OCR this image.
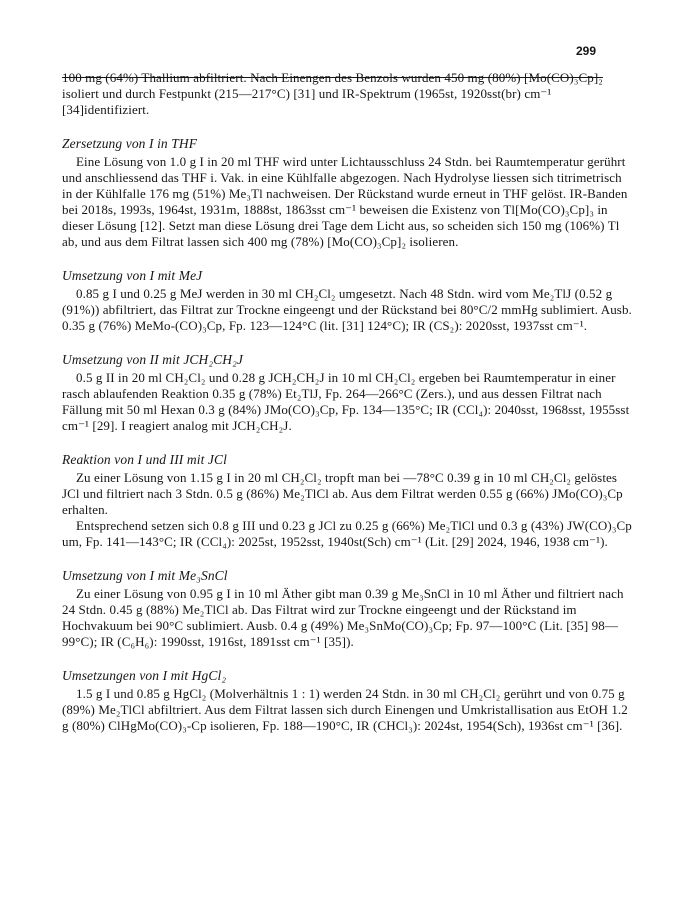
299

100 mg (64%) Thallium abfiltriert. Nach Einengen des Benzols wurden 450 mg (80%) [Mo(CO)₃Cp]₂ isoliert und durch Festpunkt (215—217°C) [31] und IR-Spektrum (1965st, 1920sst(br) cm⁻¹ [34]identifiziert.

Zersetzung von I in THF

Eine Lösung von 1.0 g I in 20 ml THF wird unter Lichtausschluss 24 Stdn. bei Raumtemperatur gerührt und anschliessend das THF i. Vak. in eine Kühlfalle abgezogen. Nach Hydrolyse liessen sich titrimetrisch in der Kühlfalle 176 mg (51%) Me₃Tl nachweisen. Der Rückstand wurde erneut in THF gelöst. IR-Banden bei 2018s, 1993s, 1964st, 1931m, 1888st, 1863sst cm⁻¹ beweisen die Existenz von Tl[Mo(CO)₃Cp]₃ in dieser Lösung [12]. Setzt man diese Lösung drei Tage dem Licht aus, so scheiden sich 150 mg (106%) Tl ab, und aus dem Filtrat lassen sich 400 mg (78%) [Mo(CO)₃Cp]₂ isolieren.

Umsetzung von I mit MeJ

0.85 g I und 0.25 g MeJ werden in 30 ml CH₂Cl₂ umgesetzt. Nach 48 Stdn. wird vom Me₂TlJ (0.52 g (91%)) abfiltriert, das Filtrat zur Trockne eingeengt und der Rückstand bei 80°C/2 mmHg sublimiert. Ausb. 0.35 g (76%) MeMo-(CO)₃Cp, Fp. 123—124°C (lit. [31] 124°C); IR (CS₂): 2020sst, 1937sst cm⁻¹.

Umsetzung von II mit JCH₂CH₂J

0.5 g II in 20 ml CH₂Cl₂ und 0.28 g JCH₂CH₂J in 10 ml CH₂Cl₂ ergeben bei Raumtemperatur in einer rasch ablaufenden Reaktion 0.35 g (78%) Et₂TlJ, Fp. 264—266°C (Zers.), und aus dessen Filtrat nach Fällung mit 50 ml Hexan 0.3 g (84%) JMo(CO)₃Cp, Fp. 134—135°C; IR (CCl₄): 2040sst, 1968sst, 1955sst cm⁻¹ [29]. I reagiert analog mit JCH₂CH₂J.

Reaktion von I und III mit JCl

Zu einer Lösung von 1.15 g I in 20 ml CH₂Cl₂ tropft man bei —78°C 0.39 g in 10 ml CH₂Cl₂ gelöstes JCl und filtriert nach 3 Stdn. 0.5 g (86%) Me₂TlCl ab. Aus dem Filtrat werden 0.55 g (66%) JMo(CO)₃Cp erhalten.

Entsprechend setzen sich 0.8 g III und 0.23 g JCl zu 0.25 g (66%) Me₂TlCl und 0.3 g (43%) JW(CO)₃Cp um, Fp. 141—143°C; IR (CCl₄): 2025st, 1952sst, 1940st(Sch) cm⁻¹ (Lit. [29] 2024, 1946, 1938 cm⁻¹).

Umsetzung von I mit Me₃SnCl

Zu einer Lösung von 0.95 g I in 10 ml Äther gibt man 0.39 g Me₃SnCl in 10 ml Äther und filtriert nach 24 Stdn. 0.45 g (88%) Me₂TlCl ab. Das Filtrat wird zur Trockne eingeengt und der Rückstand im Hochvakuum bei 90°C sublimiert. Ausb. 0.4 g (49%) Me₃SnMo(CO)₃Cp; Fp. 97—100°C (Lit. [35] 98—99°C); IR (C₆H₆): 1990sst, 1916st, 1891sst cm⁻¹ [35]).

Umsetzungen von I mit HgCl₂

1.5 g I und 0.85 g HgCl₂ (Molverhältnis 1 : 1) werden 24 Stdn. in 30 ml CH₂Cl₂ gerührt und von 0.75 g (89%) Me₂TlCl abfiltriert. Aus dem Filtrat lassen sich durch Einengen und Umkristallisation aus EtOH 1.2 g (80%) ClHgMo(CO)₃-Cp isolieren, Fp. 188—190°C, IR (CHCl₃): 2024st, 1954(Sch), 1936st cm⁻¹ [36].
